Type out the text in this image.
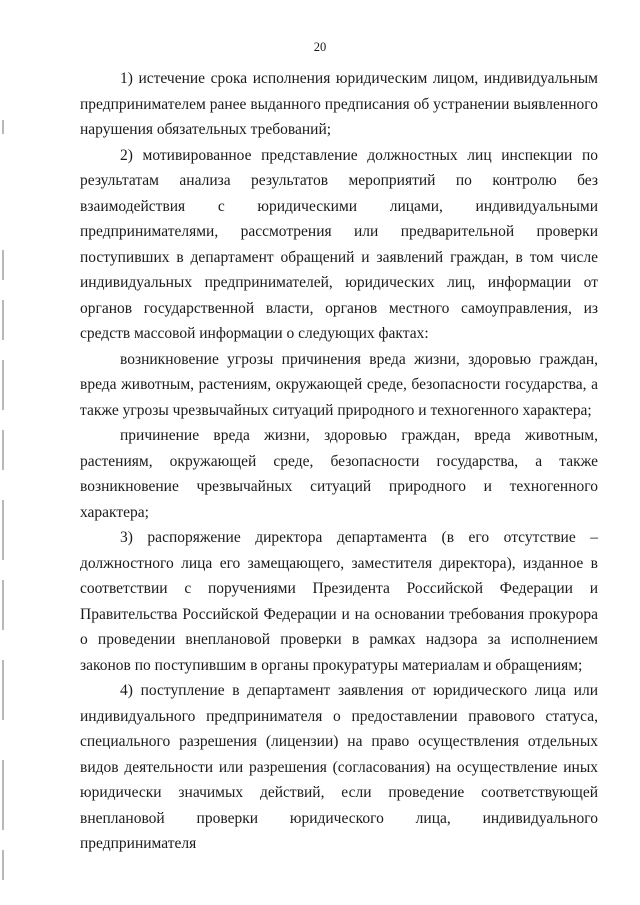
20

1) истечение срока исполнения юридическим лицом, индивидуальным предпринимателем ранее выданного предписания об устранении выявленного нарушения обязательных требований;

2) мотивированное представление должностных лиц инспекции по результатам анализа результатов мероприятий по контролю без взаимодействия с юридическими лицами, индивидуальными предпринимателями, рассмотрения или предварительной проверки поступивших в департамент обращений и заявлений граждан, в том числе индивидуальных предпринимателей, юридических лиц, информации от органов государственной власти, органов местного самоуправления, из средств массовой информации о следующих фактах:

возникновение угрозы причинения вреда жизни, здоровью граждан, вреда животным, растениям, окружающей среде, безопасности государства, а также угрозы чрезвычайных ситуаций природного и техногенного характера;

причинение вреда жизни, здоровью граждан, вреда животным, растениям, окружающей среде, безопасности государства, а также возникновение чрезвычайных ситуаций природного и техногенного характера;

3) распоряжение директора департамента (в его отсутствие – должностного лица его замещающего, заместителя директора), изданное в соответствии с поручениями Президента Российской Федерации и Правительства Российской Федерации и на основании требования прокурора о проведении внеплановой проверки в рамках надзора за исполнением законов по поступившим в органы прокуратуры материалам и обращениям;

4) поступление в департамент заявления от юридического лица или индивидуального предпринимателя о предоставлении правового статуса, специального разрешения (лицензии) на право осуществления отдельных видов деятельности или разрешения (согласования) на осуществление иных юридически значимых действий, если проведение соответствующей внеплановой проверки юридического лица, индивидуального предпринимателя
